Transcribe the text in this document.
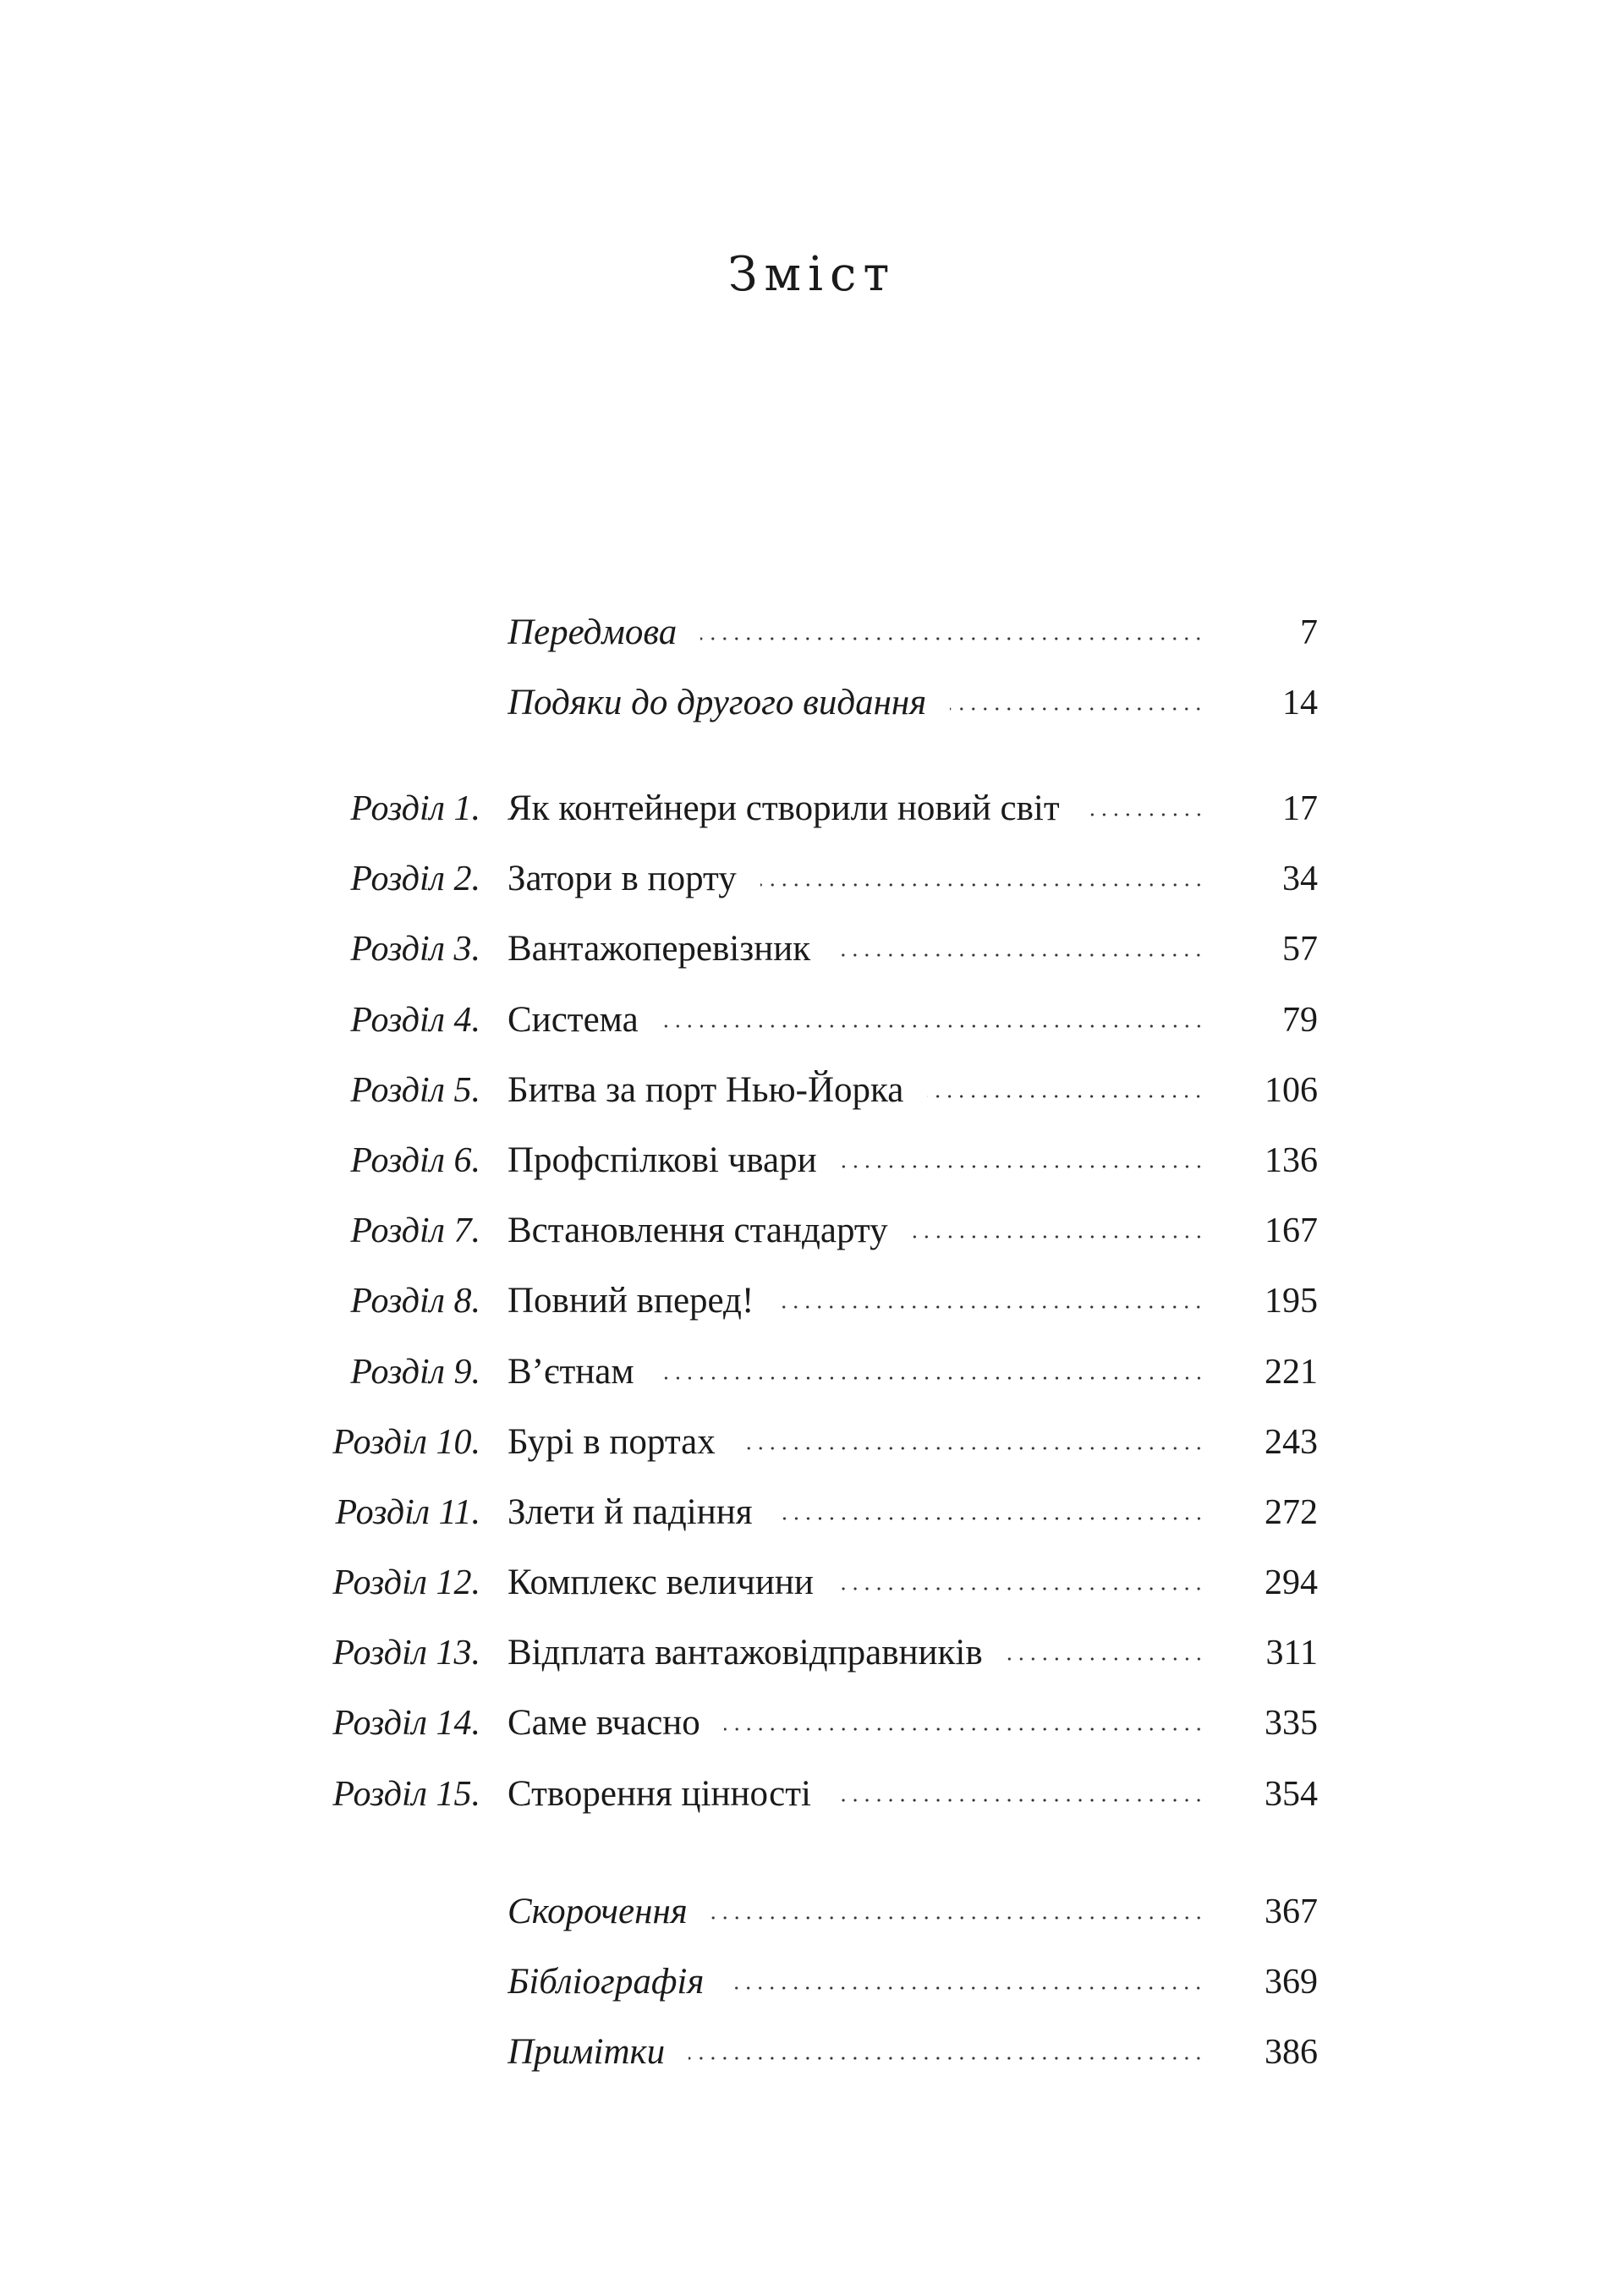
Зміст
Передмова	7
Подяки до другого видання	14
Розділ 1. Як контейнери створили новий світ	17
Розділ 2. Затори в порту	34
Розділ 3. Вантажоперевізник	57
Розділ 4. Система	79
Розділ 5. Битва за порт Нью-Йорка	106
Розділ 6. Профспілкові чвари	136
Розділ 7. Встановлення стандарту	167
Розділ 8. Повний вперед!	195
Розділ 9. В’єтнам	221
Розділ 10. Бурі в портах	243
Розділ 11. Злети й падіння	272
Розділ 12. Комплекс величини	294
Розділ 13. Відплата вантажовідправників	311
Розділ 14. Саме вчасно	335
Розділ 15. Створення цінності	354
Скорочення	367
Бібліографія	369
Примітки	386
